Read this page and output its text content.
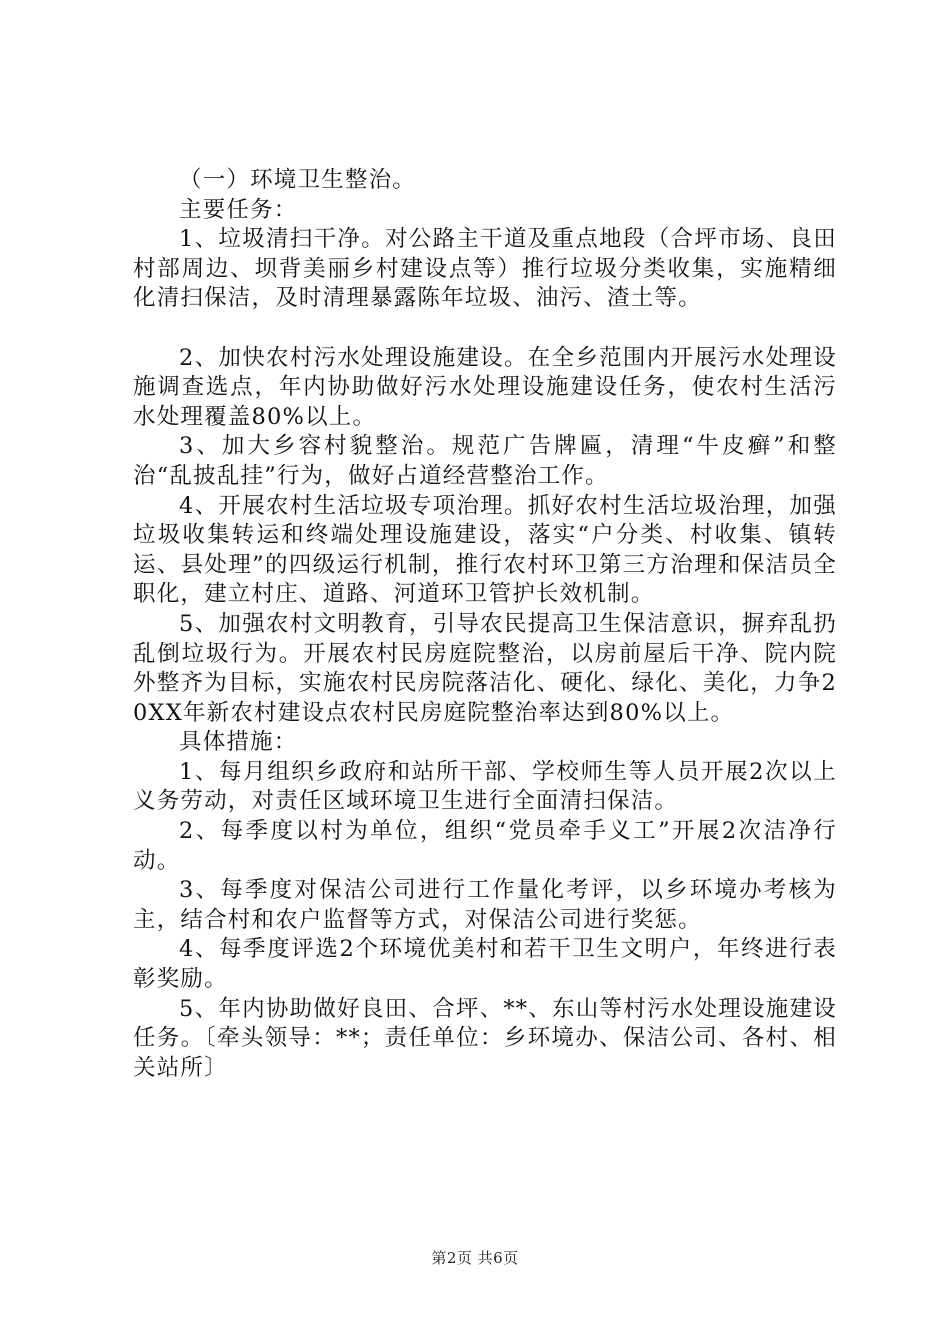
（一）环境卫生整治。

主要任务：

1、垃圾清扫干净。对公路主干道及重点地段（合坪市场、良田村部周边、坝背美丽乡村建设点等）推行垃圾分类收集，实施精细化清扫保洁，及时清理暴露陈年垃圾、油污、渣土等。

2、加快农村污水处理设施建设。在全乡范围内开展污水处理设施调查选点，年内协助做好污水处理设施建设任务，使农村生活污水处理覆盖80%以上。

3、加大乡容村貌整治。规范广告牌匾，清理“牛皮癣”和整治“乱披乱挂”行为，做好占道经营整治工作。

4、开展农村生活垃圾专项治理。抓好农村生活垃圾治理，加强垃圾收集转运和终端处理设施建设，落实“户分类、村收集、镇转运、县处理”的四级运行机制，推行农村环卫第三方治理和保洁员全职化，建立村庄、道路、河道环卫管护长效机制。

5、加强农村文明教育，引导农民提高卫生保洁意识，摒弃乱扔乱倒垃圾行为。开展农村民房庭院整治，以房前屋后干净、院内院外整齐为目标，实施农村民房院落洁化、硬化、绿化、美化，力争20XX年新农村建设点农村民房庭院整治率达到80%以上。

具体措施：

1、每月组织乡政府和站所干部、学校师生等人员开展2次以上义务劳动，对责任区域环境卫生进行全面清扫保洁。

2、每季度以村为单位，组织“党员牵手义工”开展2次洁净行动。

3、每季度对保洁公司进行工作量化考评，以乡环境办考核为主，结合村和农户监督等方式，对保洁公司进行奖惩。

4、每季度评选2个环境优美村和若干卫生文明户，年终进行表彰奖励。

5、年内协助做好良田、合坪、**、东山等村污水处理设施建设任务。〔牵头领导：**；责任单位：乡环境办、保洁公司、各村、相关站所〕

第2页 共6页
